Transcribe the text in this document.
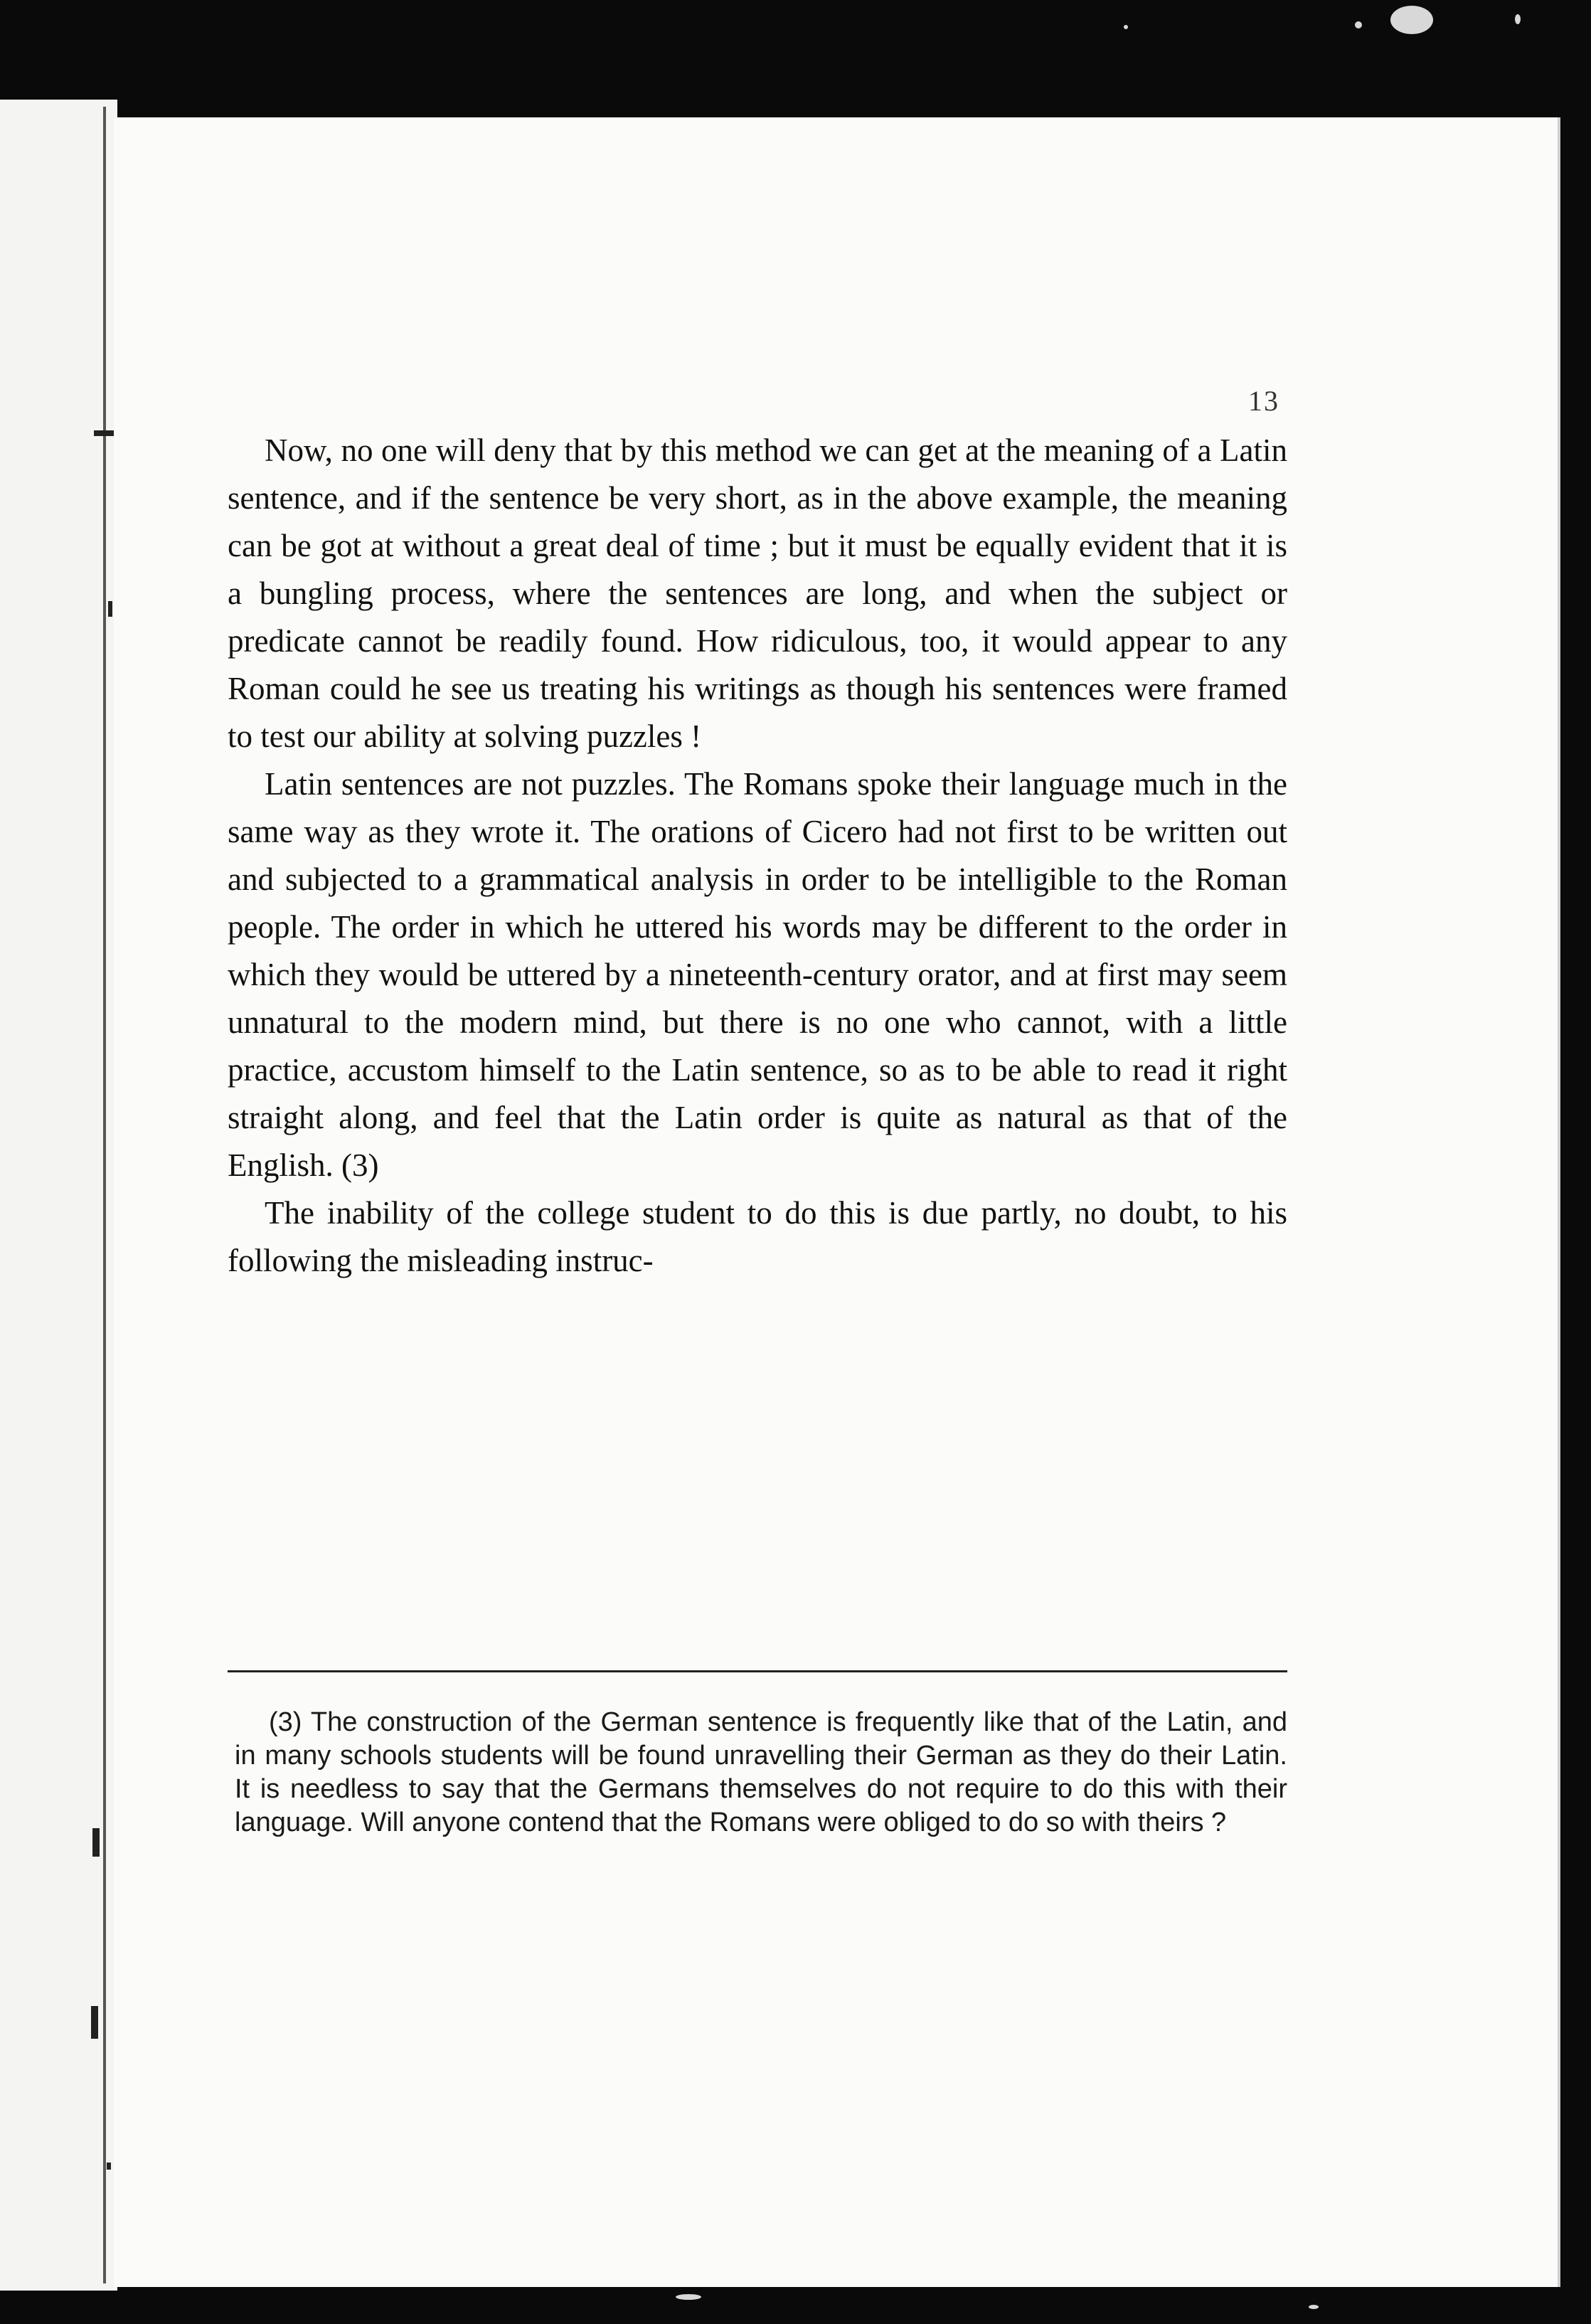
13

Now, no one will deny that by this method we can get at the meaning of a Latin sentence, and if the sentence be very short, as in the above example, the meaning can be got at without a great deal of time ; but it must be equally evident that it is a bungling process, where the sentences are long, and when the subject or predicate cannot be readily found. How ridiculous, too, it would appear to any Roman could he see us treating his writings as though his sentences were framed to test our ability at solving puzzles !

Latin sentences are not puzzles. The Romans spoke their language much in the same way as they wrote it. The orations of Cicero had not first to be written out and subjected to a grammatical analysis in order to be intelligible to the Roman people. The order in which he uttered his words may be different to the order in which they would be uttered by a nineteenth-century orator, and at first may seem unnatural to the modern mind, but there is no one who cannot, with a little practice, accustom himself to the Latin sentence, so as to be able to read it right straight along, and feel that the Latin order is quite as natural as that of the English. (3)

The inability of the college student to do this is due partly, no doubt, to his following the misleading instruc-

(3) The construction of the German sentence is frequently like that of the Latin, and in many schools students will be found unravelling their German as they do their Latin. It is needless to say that the Germans themselves do not require to do this with their language. Will anyone contend that the Romans were obliged to do so with theirs ?
